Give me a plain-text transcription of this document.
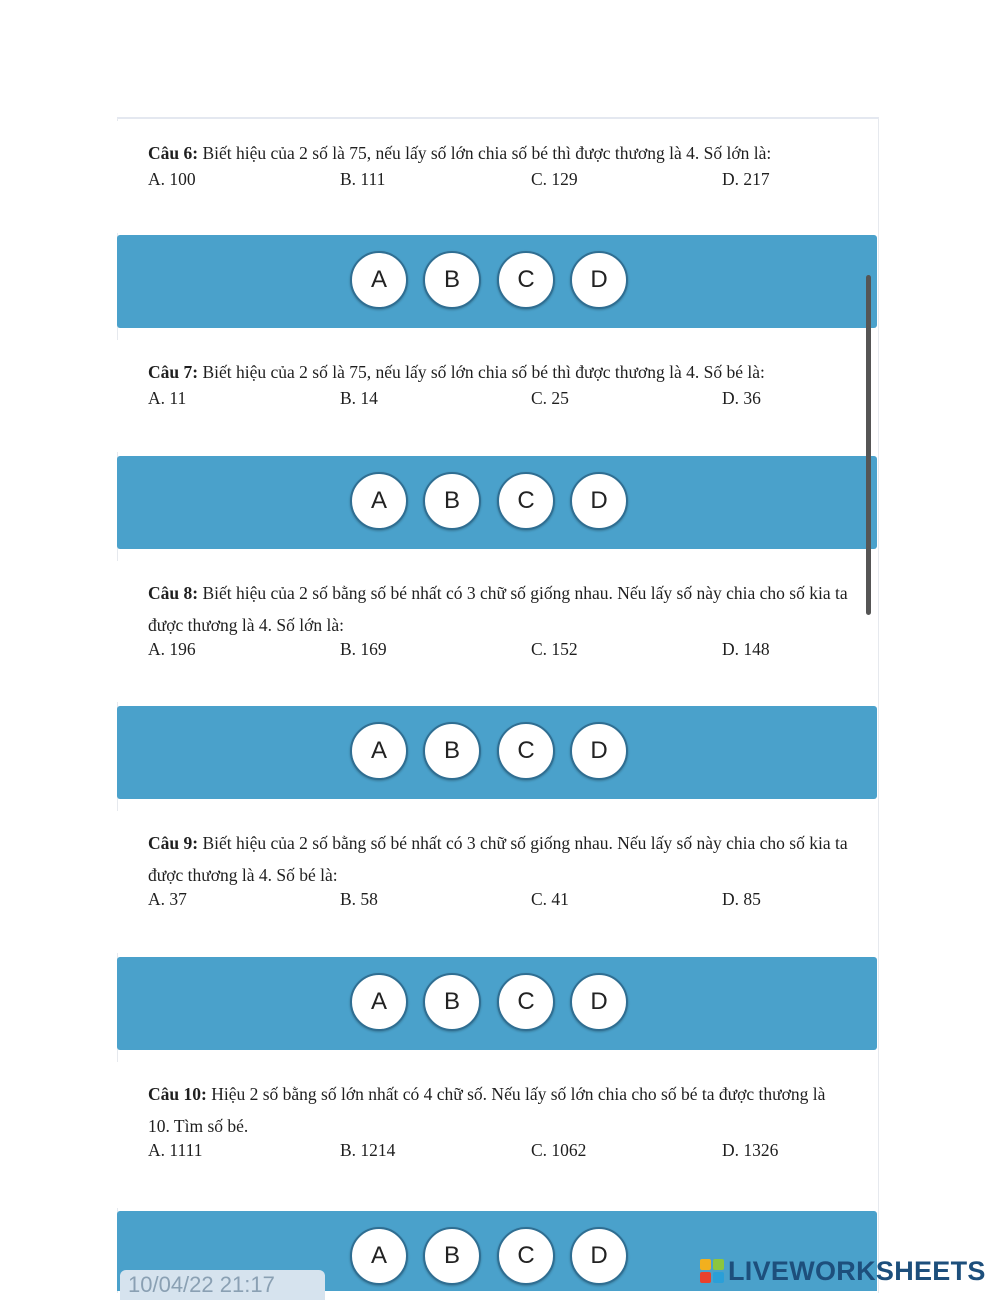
Câu 6: Biết hiệu của 2 số là 75, nếu lấy số lớn chia số bé thì được thương là 4. Số lớn là:
A. 100	B. 111	C. 129	D. 217
A	B	C	D
Câu 7: Biết hiệu của 2 số là 75, nếu lấy số lớn chia số bé thì được thương là 4. Số bé là:
A. 11	B. 14	C. 25	D. 36
A	B	C	D
Câu 8: Biết hiệu của 2 số bằng số bé nhất có 3 chữ số giống nhau. Nếu lấy số này chia cho số kia ta được thương là 4. Số lớn là:
A. 196	B. 169	C. 152	D. 148
A	B	C	D
Câu 9: Biết hiệu của 2 số bằng số bé nhất có 3 chữ số giống nhau. Nếu lấy số này chia cho số kia ta được thương là 4. Số bé là:
A. 37	B. 58	C. 41	D. 85
A	B	C	D
Câu 10: Hiệu 2 số bằng số lớn nhất có 4 chữ số. Nếu lấy số lớn chia cho số bé ta được thương là 10. Tìm số bé.
A. 1111	B. 1214	C. 1062	D. 1326
A	B	C	D
10/04/22 21:17	LIVEWORKSHEETS
